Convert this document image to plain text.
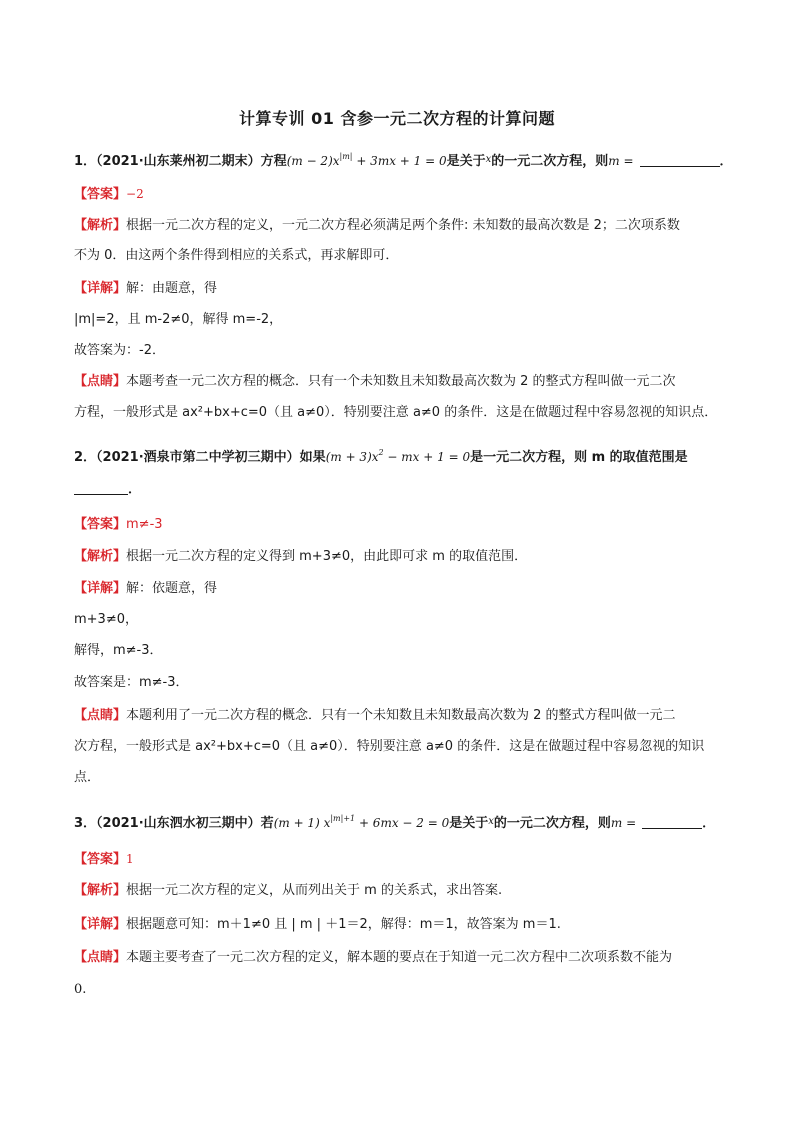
计算专训 01 含参一元二次方程的计算问题
1．（2021·山东莱州初二期末）方程$(m - 2)x^{|m|} + 3mx + 1 = 0$是关于$^x$的一元二次方程，则m =	．
【答案】−2
【解析】根据一元二次方程的定义，一元二次方程必须满足两个条件: 未知数的最高次数是 2；二次项系数
不为 0．由这两个条件得到相应的关系式，再求解即可．
【详解】解：由题意，得
|m|=2，且 m-2≠0，解得 m=-2，
故答案为：-2．
【点睛】本题考查一元二次方程的概念．只有一个未知数且未知数最高次数为 2 的整式方程叫做一元二次
方程，一般形式是 ax²+bx+c=0（且 a≠0）．特别要注意 a≠0 的条件．这是在做题过程中容易忽视的知识点．
2．（2021·酒泉市第二中学初三期中）如果$(m + 3)x^2$ − mx + 1 = 0是一元二次方程，则 m 的取值范围是
．
【答案】m≠-3
【解析】根据一元二次方程的定义得到 m+3≠0，由此即可求 m 的取值范围．
【详解】解：依题意，得
m+3≠0，
解得，m≠-3．
故答案是：m≠-3．
【点睛】本题利用了一元二次方程的概念．只有一个未知数且未知数最高次数为 2 的整式方程叫做一元二
次方程，一般形式是 ax²+bx+c=0（且 a≠0）．特别要注意 a≠0 的条件．这是在做题过程中容易忽视的知识
点．
3．（2021·山东泗水初三期中）若(m + 1) $x^{|m|+1} + 6mx - 2 = 0$是关于$^x$的一元二次方程，则m =	．
【答案】1
【解析】根据一元二次方程的定义，从而列出关于 m 的关系式，求出答案.
【详解】根据题意可知：m＋1≠0 且 | m | ＋1＝2，解得：m＝1，故答案为 m＝1.
【点睛】本题主要考查了一元二次方程的定义，解本题的要点在于知道一元二次方程中二次项系数不能为
0.
